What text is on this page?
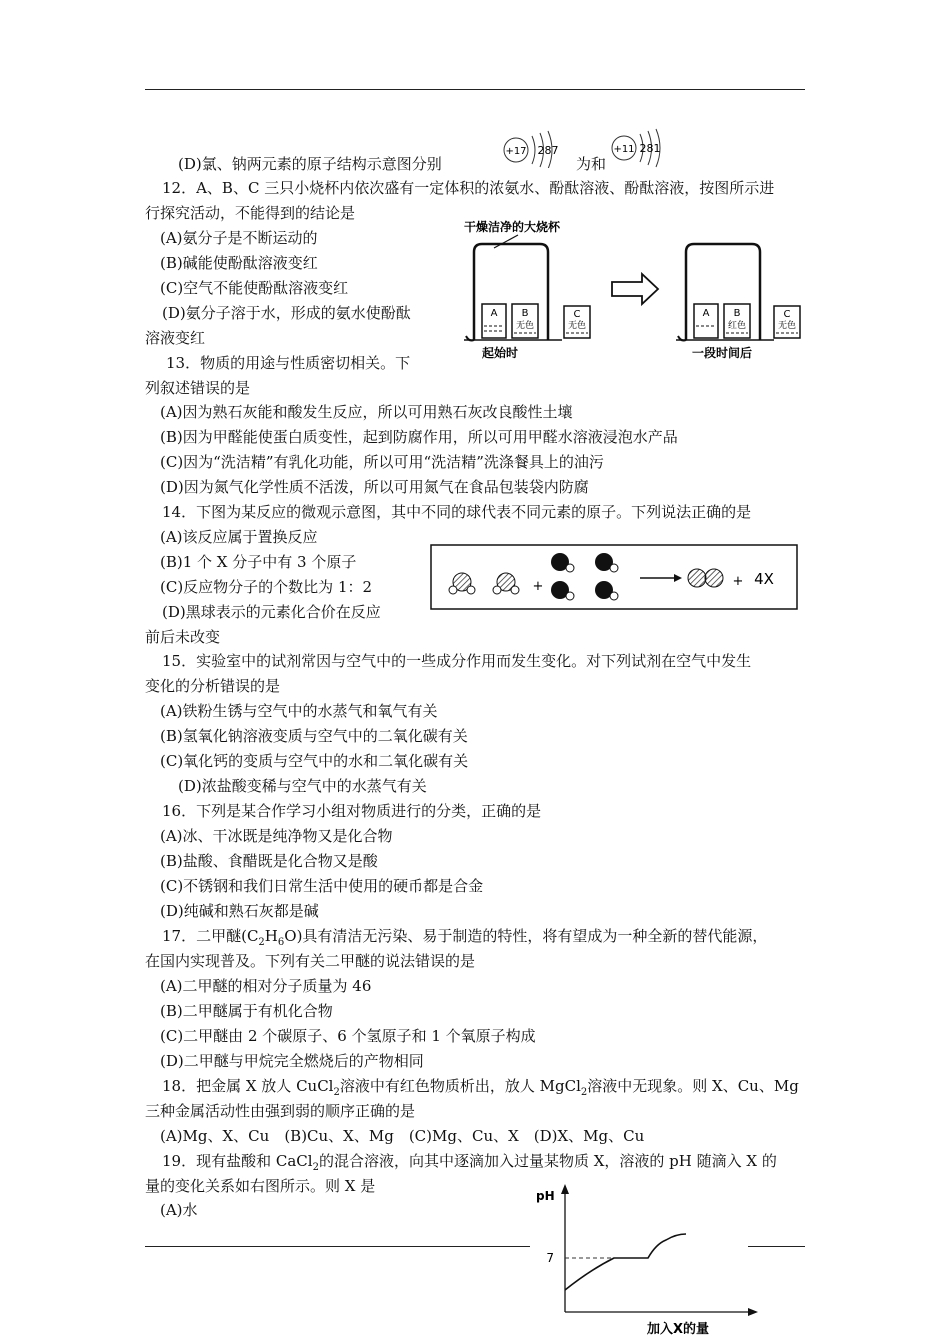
(D)氯、钠两元素的原子结构示意图分别	为和
+17 287	+11 281
12．A、B、C 三只小烧杯内依次盛有一定体积的浓氨水、酚酞溶液、酚酞溶液，按图所示进
行探究活动，不能得到的结论是
(A)氨分子是不断运动的
(B)碱能使酚酞溶液变红
(C)空气不能使酚酞溶液变红
(D)氨分子溶于水，形成的氨水使酚酞
溶液变红
干燥洁净的大烧杯
A B
无色
C
无色
起始时
A B
红色
C
无色
一段时间后
13．物质的用途与性质密切相关。下
列叙述错误的是
(A)因为熟石灰能和酸发生反应，所以可用熟石灰改良酸性土壤
(B)因为甲醛能使蛋白质变性，起到防腐作用，所以可用甲醛水溶液浸泡水产品
(C)因为“洗洁精”有乳化功能，所以可用“洗洁精”洗涤餐具上的油污
(D)因为氮气化学性质不活泼，所以可用氮气在食品包装袋内防腐
14．下图为某反应的微观示意图，其中不同的球代表不同元素的原子。下列说法正确的是
(A)该反应属于置换反应
(B)1 个 X 分子中有 3 个原子
(C)反应物分子的个数比为 1：2
(D)黑球表示的元素化合价在反应
前后未改变
+	+ 4X
15．实验室中的试剂常因与空气中的一些成分作用而发生变化。对下列试剂在空气中发生
变化的分析错误的是
(A)铁粉生锈与空气中的水蒸气和氧气有关
(B)氢氧化钠溶液变质与空气中的二氧化碳有关
(C)氧化钙的变质与空气中的水和二氧化碳有关
(D)浓盐酸变稀与空气中的水蒸气有关
16．下列是某合作学习小组对物质进行的分类，正确的是
(A)冰、干冰既是纯净物又是化合物
(B)盐酸、食醋既是化合物又是酸
(C)不锈钢和我们日常生活中使用的硬币都是合金
(D)纯碱和熟石灰都是碱
17．二甲醚$(C_2H_6O)$具有清洁无污染、易于制造的特性，将有望成为一种全新的替代能源，
在国内实现普及。下列有关二甲醚的说法错误的是
(A)二甲醚的相对分子质量为 46
(B)二甲醚属于有机化合物
(C)二甲醚由 2 个碳原子、6 个氢原子和 1 个氧原子构成
(D)二甲醚与甲烷完全燃烧后的产物相同
18．把金属 X 放人 CuCl$_2$溶液中有红色物质析出，放人 MgCl$_2$溶液中无现象。则 X、Cu、Mg
三种金属活动性由强到弱的顺序正确的是
(A)Mg、X、Cu　(B)Cu、X、Mg　(C)Mg、Cu、X　(D)X、Mg、Cu
19．现有盐酸和 CaCl$_2$的混合溶液，向其中逐滴加入过量某物质 X，溶液的 pH 随滴入 X 的
量的变化关系如右图所示。则 X 是
(A)水
pH
7
加入X的量
